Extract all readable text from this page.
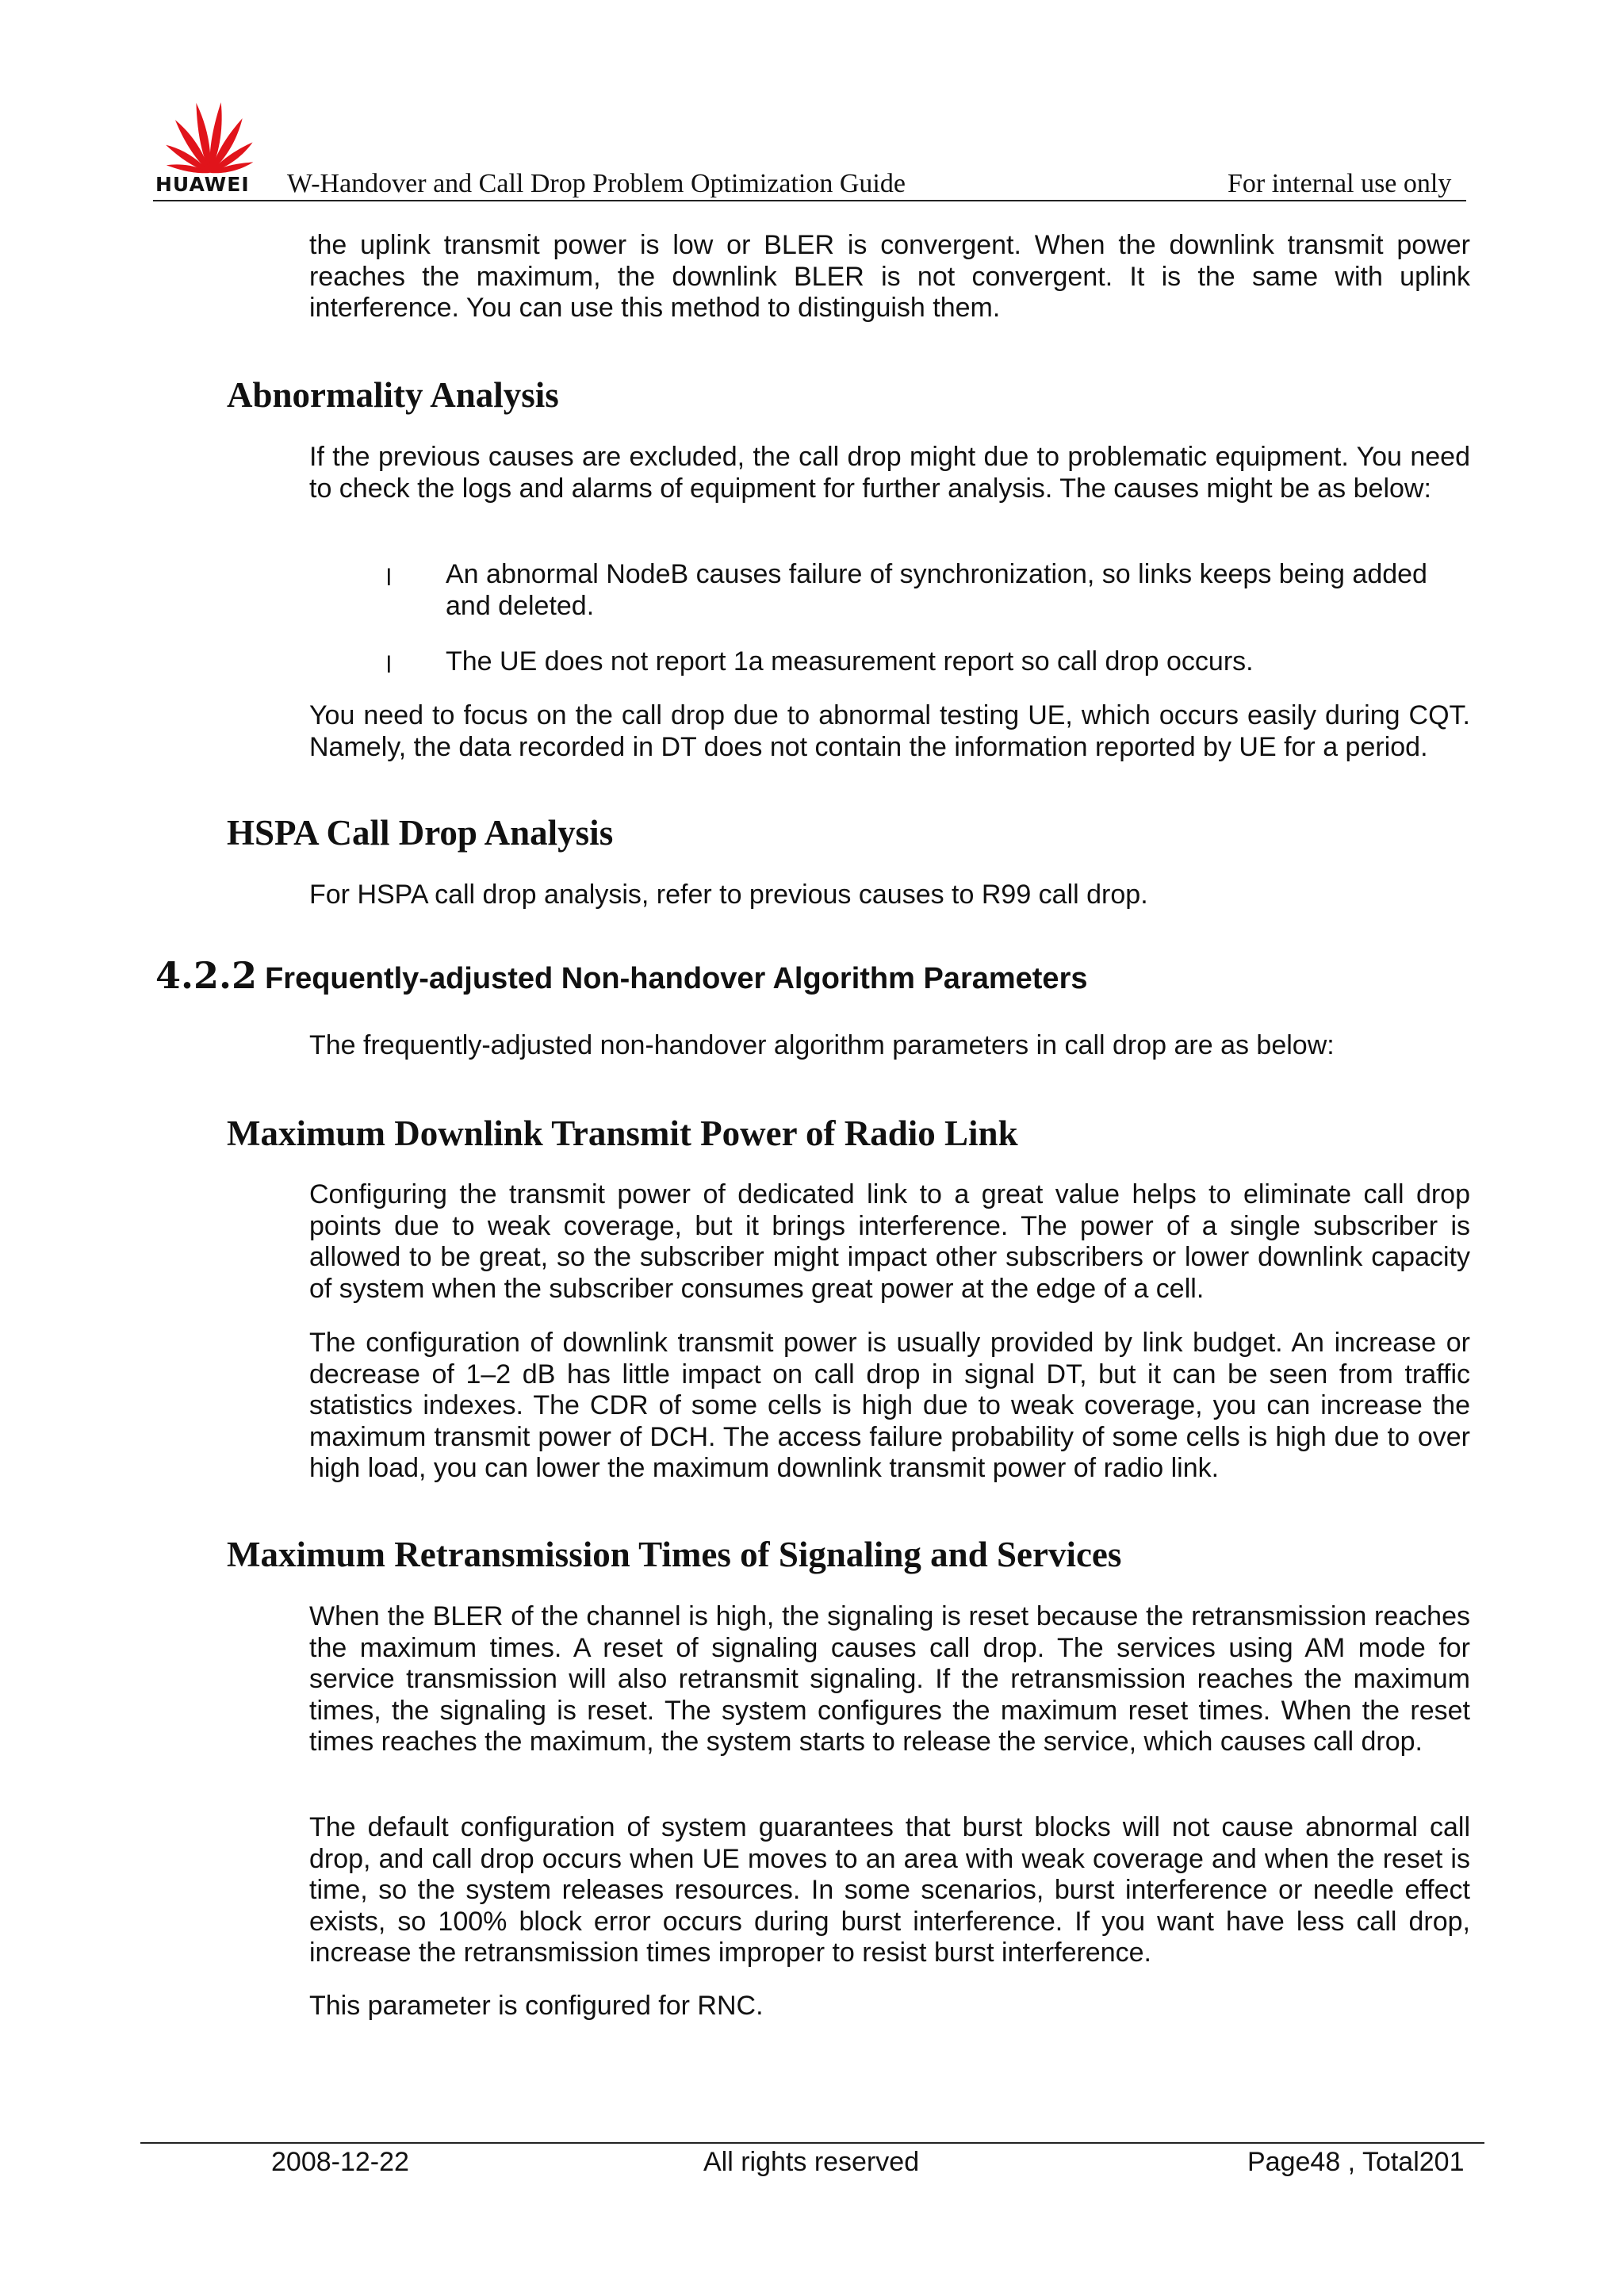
HUAWEI W-Handover and Call Drop Problem Optimization Guide	For internal use only
the uplink transmit power is low or BLER is convergent. When the downlink transmit power reaches the maximum, the downlink BLER is not convergent. It is the same with uplink interference. You can use this method to distinguish them.
Abnormality Analysis
If the previous causes are excluded, the call drop might due to problematic equipment. You need to check the logs and alarms of equipment for further analysis. The causes might be as below:
l An abnormal NodeB causes failure of synchronization, so links keeps being added and deleted.
l The UE does not report 1a measurement report so call drop occurs.
You need to focus on the call drop due to abnormal testing UE, which occurs easily during CQT. Namely, the data recorded in DT does not contain the information reported by UE for a period.
HSPA Call Drop Analysis
For HSPA call drop analysis, refer to previous causes to R99 call drop.
4.2.2 Frequently-adjusted Non-handover Algorithm Parameters
The frequently-adjusted non-handover algorithm parameters in call drop are as below:
Maximum Downlink Transmit Power of Radio Link
Configuring the transmit power of dedicated link to a great value helps to eliminate call drop points due to weak coverage, but it brings interference. The power of a single subscriber is allowed to be great, so the subscriber might impact other subscribers or lower downlink capacity of system when the subscriber consumes great power at the edge of a cell.
The configuration of downlink transmit power is usually provided by link budget. An increase or decrease of 1–2 dB has little impact on call drop in signal DT, but it can be seen from traffic statistics indexes. The CDR of some cells is high due to weak coverage, you can increase the maximum transmit power of DCH. The access failure probability of some cells is high due to over high load, you can lower the maximum downlink transmit power of radio link.
Maximum Retransmission Times of Signaling and Services
When the BLER of the channel is high, the signaling is reset because the retransmission reaches the maximum times. A reset of signaling causes call drop. The services using AM mode for service transmission will also retransmit signaling. If the retransmission reaches the maximum times, the signaling is reset. The system configures the maximum reset times. When the reset times reaches the maximum, the system starts to release the service, which causes call drop.
The default configuration of system guarantees that burst blocks will not cause abnormal call drop, and call drop occurs when UE moves to an area with weak coverage and when the reset is time, so the system releases resources. In some scenarios, burst interference or needle effect exists, so 100% block error occurs during burst interference. If you want have less call drop, increase the retransmission times improper to resist burst interference.
This parameter is configured for RNC.
2008-12-22	All rights reserved	Page48 , Total201
